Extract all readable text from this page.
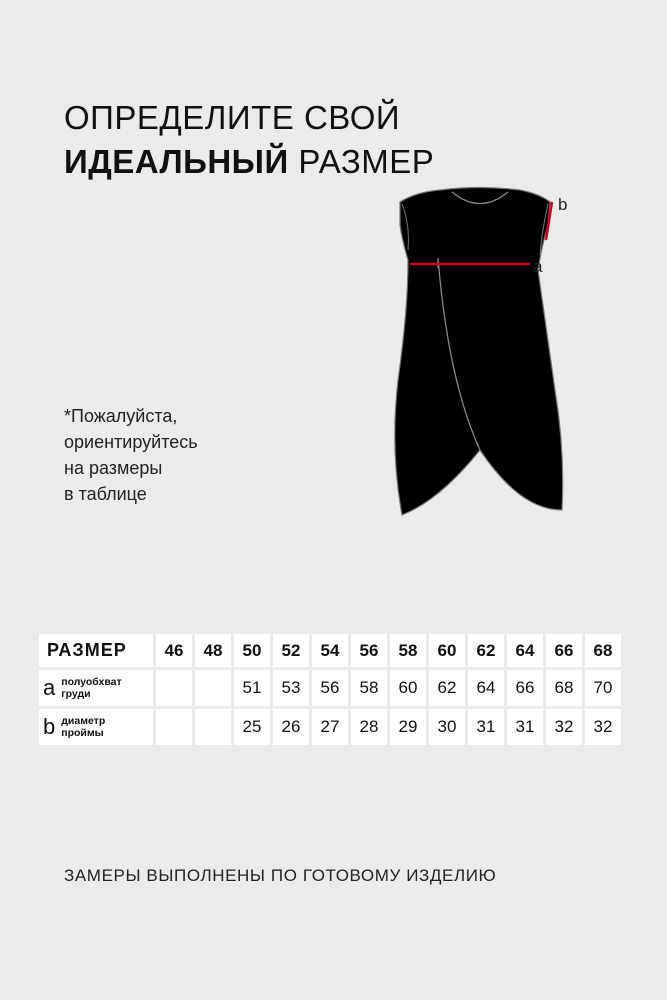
ОПРЕДЕЛИТЕ СВОЙ
ИДЕАЛЬНЫЙ РАЗМЕР
a
b
*Пожалуйста,
ориентируйтесь
на размеры
в таблице
РАЗМЕР	46	48	50	52	54	56	58	60	62	64	66	68

a полуобхват
груди			51	53	56	58	60	62	64	66	68	70

b диаметр
проймы			25	26	27	28	29	30	31	31	32	32
ЗАМЕРЫ ВЫПОЛНЕНЫ ПО ГОТОВОМУ ИЗДЕЛИЮ
